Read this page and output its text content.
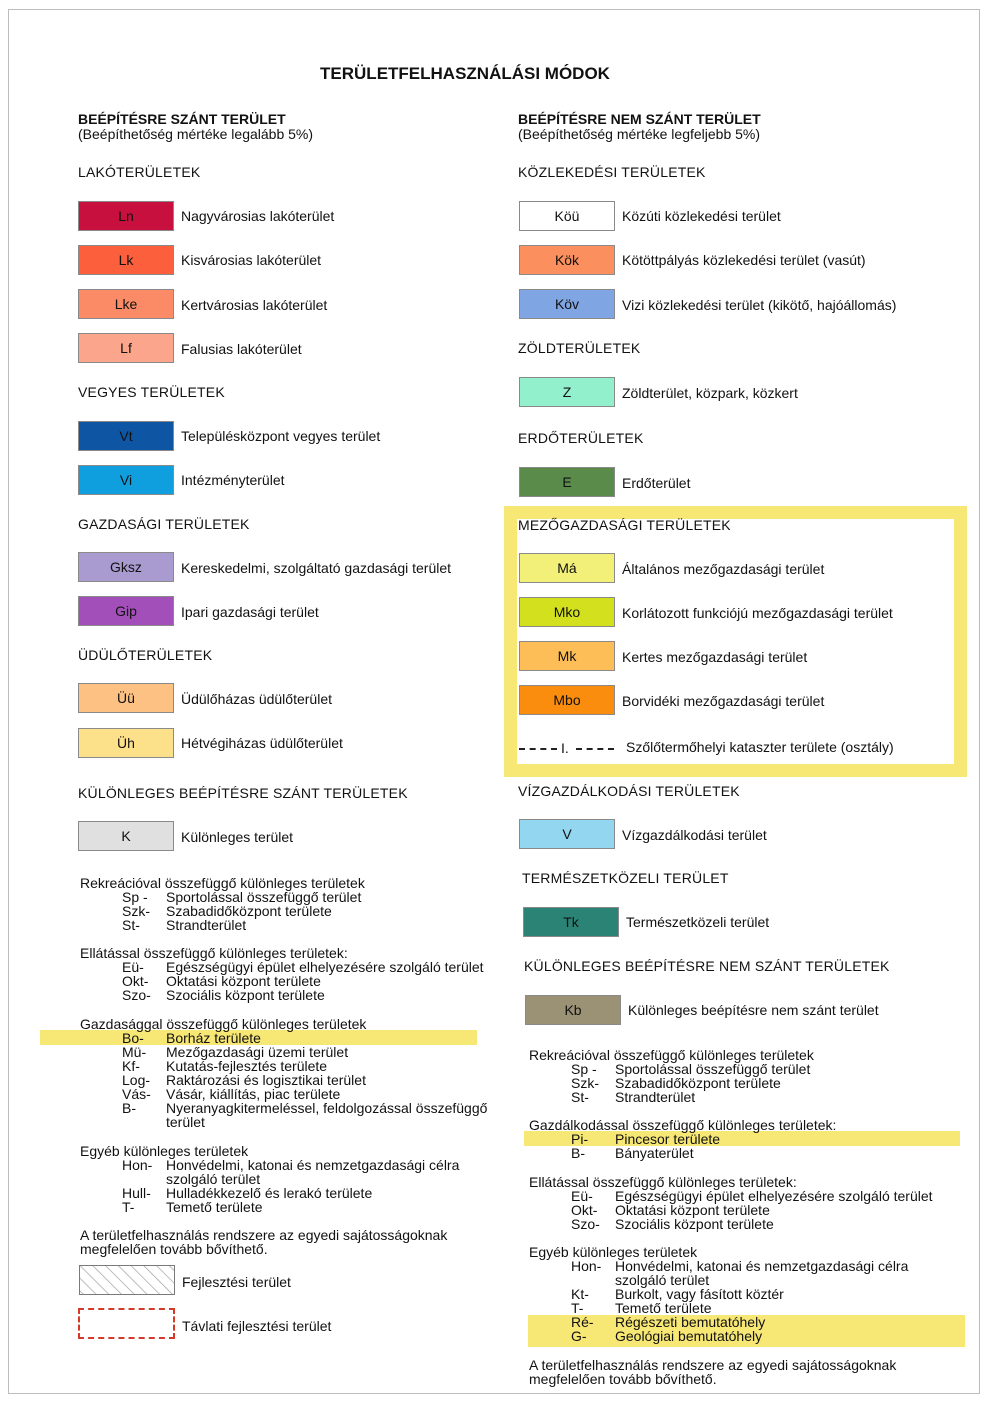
TERÜLETFELHASZNÁLÁSI MÓDOK
BEÉPÍTÉSRE SZÁNT TERÜLET
(Beépíthetőség mértéke legalább 5%)
LAKÓTERÜLETEK
VEGYES TERÜLETEK
GAZDASÁGI TERÜLETEK
ÜDÜLŐTERÜLETEK
KÜLÖNLEGES BEÉPÍTÉSRE SZÁNT TERÜLETEK
Ln	Nagyvárosias lakóterület
Lk	Kisvárosias lakóterület
Lke	Kertvárosias lakóterület
Lf	Falusias lakóterület
Vt	Településközpont vegyes terület
Vi	Intézményterület
Gksz	Kereskedelmi, szolgáltató gazdasági terület
Gip	Ipari gazdasági terület
Üü	Üdülőházas üdülőterület
Üh	Hétvégiházas üdülőterület
K	Különleges terület
Rekreációval összefüggő különleges területek
Sp -	Sportolással összefüggő terület
Szk-	Szabadidőközpont területe
St-	Strandterület
Ellátással összefüggő különleges területek:
Eü-	Egészségügyi épület elhelyezésére szolgáló terület
Okt-	Oktatási központ területe
Szo-	Szociális központ területe
Gazdasággal összefüggő különleges területek
Bo-	Borház területe
Mü-	Mezőgazdasági üzemi terület
Kf-	Kutatás-fejlesztés területe
Log-	Raktározási és logisztikai terület
Vás-	Vásár, kiállítás, piac területe
B-	Nyeranyagkitermeléssel, feldolgozással összefüggő
terület
Egyéb különleges területek
Hon- Honvédelmi, katonai és nemzetgazdasági célra
szolgáló terület
Hull-	Hulladékkezelő és lerakó területe
T-	Temető területe
A területfelhasználás rendszere az egyedi sajátosságoknak
megfelelően tovább bővíthető.
Fejlesztési terület
Távlati fejlesztési terület
BEÉPÍTÉSRE NEM SZÁNT TERÜLET
(Beépíthetőség mértéke legfeljebb 5%)
KÖZLEKEDÉSI TERÜLETEK
ZÖLDTERÜLETEK
ERDŐTERÜLETEK
MEZŐGAZDASÁGI TERÜLETEK
VÍZGAZDÁLKODÁSI TERÜLETEK
TERMÉSZETKÖZELI TERÜLET
KÜLÖNLEGES BEÉPÍTÉSRE NEM SZÁNT TERÜLETEK
Köü	Közúti közlekedési terület
Kök	Kötöttpályás közlekedési terület (vasút)
Köv	Vizi közlekedési terület (kikötő, hajóállomás)
Z	Zöldterület, közpark, közkert
E	Erdőterület
Má	Általános mezőgazdasági terület
Mko	Korlátozott funkciójú mezőgazdasági terület
Mk	Kertes mezőgazdasági terület
Mbo	Borvidéki mezőgazdasági terület
I.	Szőlőtermőhelyi kataszter területe (osztály)
V	Vízgazdálkodási terület
Tk	Természetközeli terület
Kb	Különleges beépítésre nem szánt terület
Rekreációval összefüggő különleges területek
Sp -	Sportolással összefüggő terület
Szk-	Szabadidőközpont területe
St-	Strandterület
Gazdálkodással összefüggő különleges területek:
Pi-	Pincesor területe
B-	Bányaterület
Ellátással összefüggő különleges területek:
Eü-	Egészségügyi épület elhelyezésére szolgáló terület
Okt-	Oktatási központ területe
Szo-	Szociális központ területe
Egyéb különleges területek
Hon- Honvédelmi, katonai és nemzetgazdasági célra
szolgáló terület
Kt-	Burkolt, vagy fásított köztér
T-	Temető területe
Ré-	Régészeti bemutatóhely
G-	Geológiai bemutatóhely
A területfelhasználás rendszere az egyedi sajátosságoknak
megfelelően tovább bővíthető.
